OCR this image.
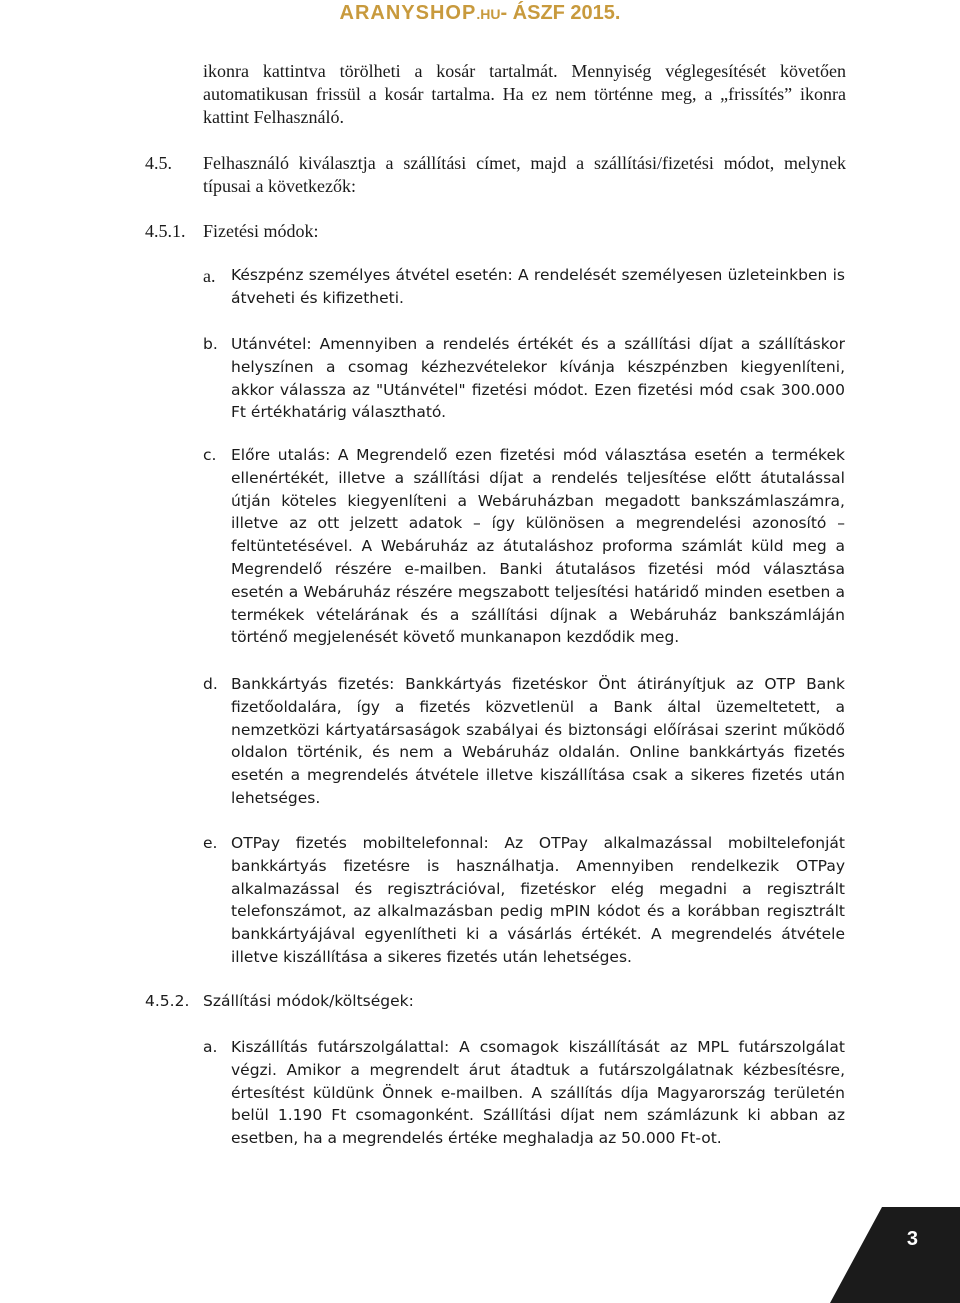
ARANYSHOP.HU- ÁSZF 2015.
ikonra kattintva törölheti a kosár tartalmát. Mennyiség véglegesítését követően automatikusan frissül a kosár tartalma. Ha ez nem történne meg, a „frissítés” ikonra kattint Felhasználó.
4.5. Felhasználó kiválasztja a szállítási címet, majd a szállítási/fizetési módot, melynek típusai a következők:
4.5.1. Fizetési módok:
a. Készpénz személyes átvétel esetén: A rendelését személyesen üzleteinkben is átveheti és kifizetheti.
b. Utánvétel: Amennyiben a rendelés értékét és a szállítási díjat a szállításkor helyszínen a csomag kézhezvételekor kívánja készpénzben kiegyenlíteni, akkor válassza az "Utánvétel" fizetési módot. Ezen fizetési mód csak 300.000 Ft értékhatárig választható.
c. Előre utalás: A Megrendelő ezen fizetési mód választása esetén a termékek ellenértékét, illetve a szállítási díjat a rendelés teljesítése előtt átutalással útján köteles kiegyenlíteni a Webáruházban megadott bankszámlaszámra, illetve az ott jelzett adatok – így különösen a megrendelési azonosító – feltüntetésével. A Webáruház az átutaláshoz proforma számlát küld meg a Megrendelő részére e-mailben. Banki átutalásos fizetési mód választása esetén a Webáruház részére megszabott teljesítési határidő minden esetben a termékek vételárának és a szállítási díjnak a Webáruház bankszámláján történő megjelenését követő munkanapon kezdődik meg.
d. Bankkártyás fizetés: Bankkártyás fizetéskor Önt átirányítjuk az OTP Bank fizetőoldalára, így a fizetés közvetlenül a Bank által üzemeltetett, a nemzetközi kártyatársaságok szabályai és biztonsági előírásai szerint működő oldalon történik, és nem a Webáruház oldalán. Online bankkártyás fizetés esetén a megrendelés átvétele illetve kiszállítása csak a sikeres fizetés után lehetséges.
e. OTPay fizetés mobiltelefonnal: Az OTPay alkalmazással mobiltelefonját bankkártyás fizetésre is használhatja. Amennyiben rendelkezik OTPay alkalmazással és regisztrációval, fizetéskor elég megadni a regisztrált telefonszámot, az alkalmazásban pedig mPIN kódot és a korábban regisztrált bankkártyájával egyenlítheti ki a vásárlás értékét. A megrendelés átvétele illetve kiszállítása a sikeres fizetés után lehetséges.
4.5.2. Szállítási módok/költségek:
a. Kiszállítás futárszolgálattal: A csomagok kiszállítását az MPL futárszolgálat végzi. Amikor a megrendelt árut átadtuk a futárszolgálatnak kézbesítésre, értesítést küldünk Önnek e-mailben. A szállítás díja Magyarország területén belül 1.190 Ft csomagonként. Szállítási díjat nem számlázunk ki abban az esetben, ha a megrendelés értéke meghaladja az 50.000 Ft-ot.
3
